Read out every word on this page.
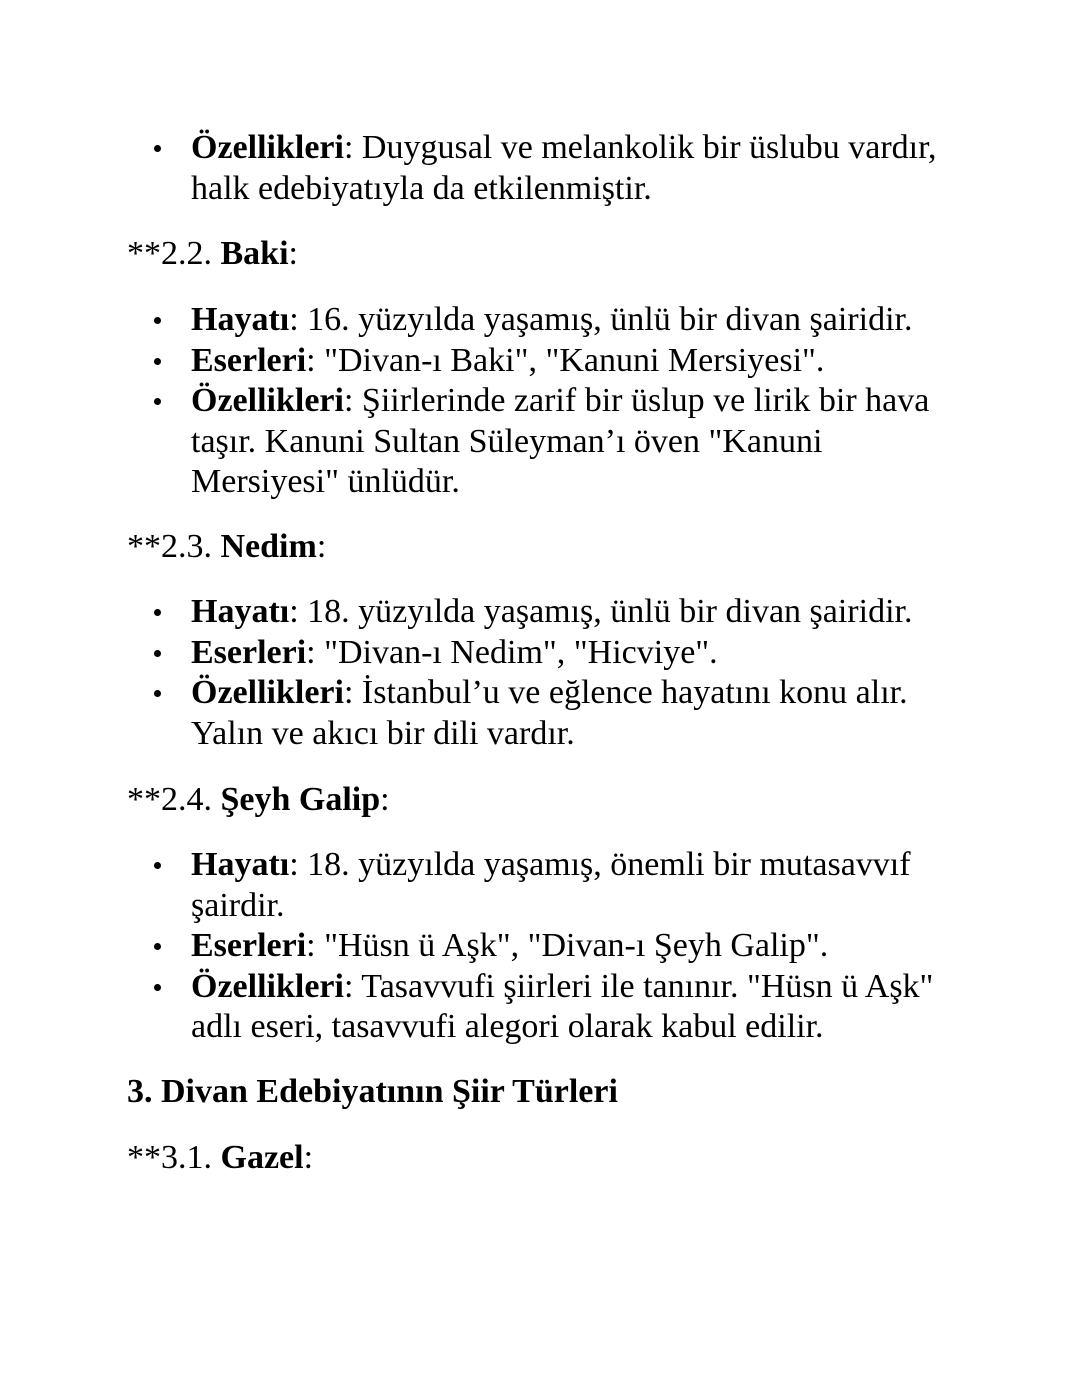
Özellikleri: Duygusal ve melankolik bir üslubu vardır, halk edebiyatıyla da etkilenmiştir.
**2.2. Baki:
Hayatı: 16. yüzyılda yaşamış, ünlü bir divan şairidir.
Eserleri: "Divan-ı Baki", "Kanuni Mersiyesi".
Özellikleri: Şiirlerinde zarif bir üslup ve lirik bir hava taşır. Kanuni Sultan Süleyman’ı öven "Kanuni Mersiyesi" ünlüdür.
**2.3. Nedim:
Hayatı: 18. yüzyılda yaşamış, ünlü bir divan şairidir.
Eserleri: "Divan-ı Nedim", "Hicviye".
Özellikleri: İstanbul’u ve eğlence hayatını konu alır. Yalın ve akıcı bir dili vardır.
**2.4. Şeyh Galip:
Hayatı: 18. yüzyılda yaşamış, önemli bir mutasavvıf şairdir.
Eserleri: "Hüsn ü Aşk", "Divan-ı Şeyh Galip".
Özellikleri: Tasavvufi şiirleri ile tanınır. "Hüsn ü Aşk" adlı eseri, tasavvufi alegori olarak kabul edilir.
3. Divan Edebiyatının Şiir Türleri
**3.1. Gazel:
